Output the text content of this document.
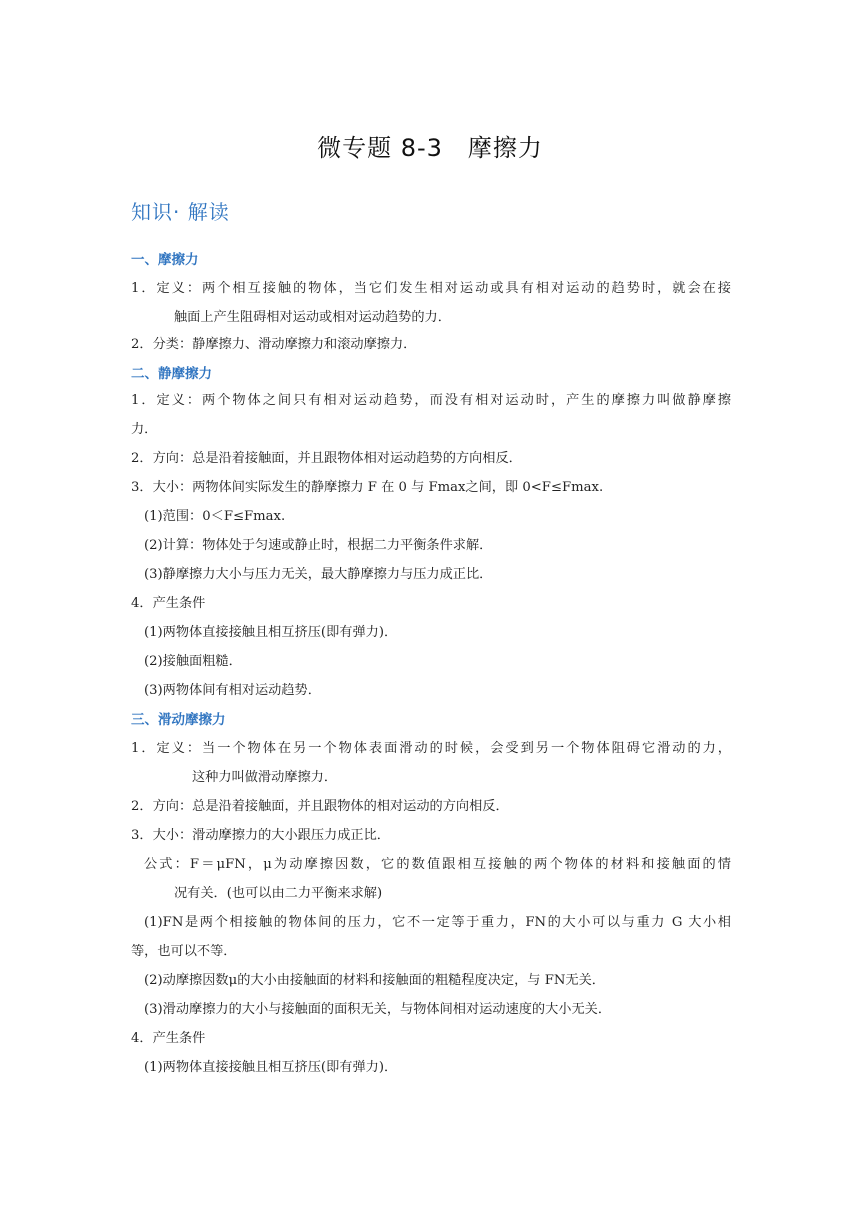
微专题 8-3　摩擦力
知识· 解读
一、摩擦力
1．定义：两个相互接触的物体，当它们发生相对运动或具有相对运动的趋势时，就会在接
触面上产生阻碍相对运动或相对运动趋势的力．
2．分类：静摩擦力、滑动摩擦力和滚动摩擦力．
二、静摩擦力
1．定义：两个物体之间只有相对运动趋势，而没有相对运动时，产生的摩擦力叫做静摩擦
力．
2．方向：总是沿着接触面，并且跟物体相对运动趋势的方向相反．
3．大小：两物体间实际发生的静摩擦力 F 在 0 与 Fmax之间，即 0<F≤Fmax.
(1)范围：0＜F≤Fmax.
(2)计算：物体处于匀速或静止时，根据二力平衡条件求解．
(3)静摩擦力大小与压力无关，最大静摩擦力与压力成正比．
4．产生条件
(1)两物体直接接触且相互挤压(即有弹力)．
(2)接触面粗糙．
(3)两物体间有相对运动趋势．
三、滑动摩擦力
1．定义：当一个物体在另一个物体表面滑动的时候，会受到另一个物体阻碍它滑动的力，
这种力叫做滑动摩擦力．
2．方向：总是沿着接触面，并且跟物体的相对运动的方向相反．
3．大小：滑动摩擦力的大小跟压力成正比．
公式：F＝μFN，μ为动摩擦因数，它的数值跟相互接触的两个物体的材料和接触面的情
况有关．(也可以由二力平衡来求解)
(1)FN是两个相接触的物体间的压力，它不一定等于重力，FN的大小可以与重力 G 大小相
等，也可以不等．
(2)动摩擦因数μ的大小由接触面的材料和接触面的粗糙程度决定，与 FN无关．
(3)滑动摩擦力的大小与接触面的面积无关，与物体间相对运动速度的大小无关．
4．产生条件
(1)两物体直接接触且相互挤压(即有弹力)．
